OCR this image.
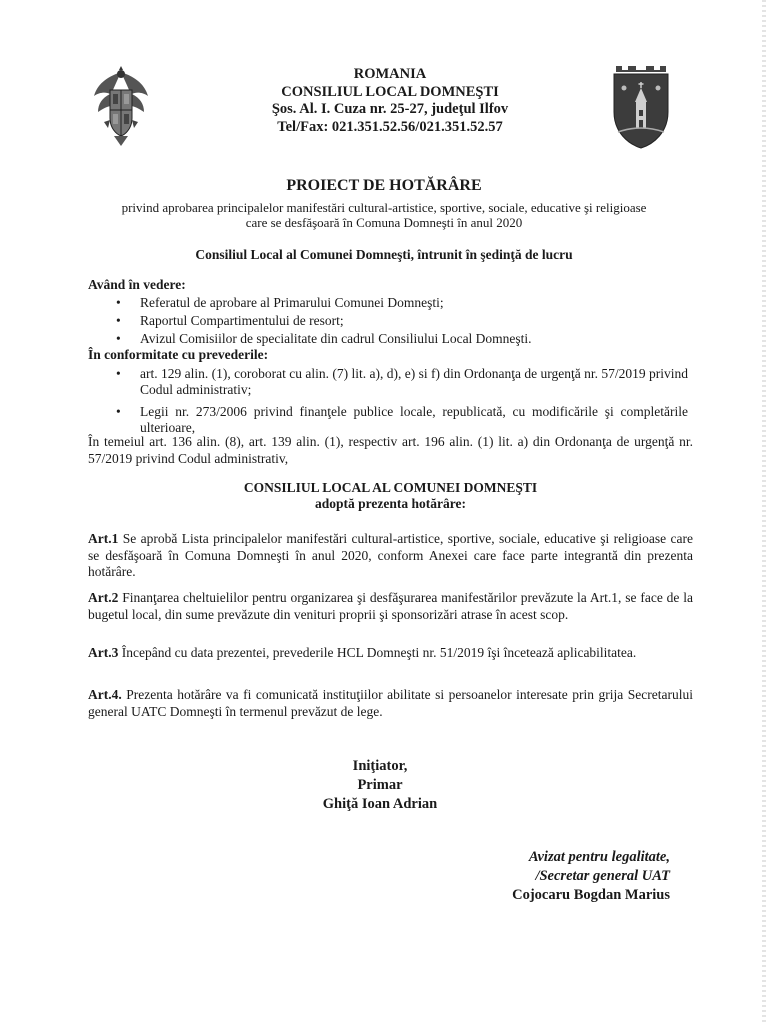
ROMANIA
CONSILIUL LOCAL DOMNEŞTI
Şos. Al. I. Cuza nr. 25-27, judeţul Ilfov
Tel/Fax: 021.351.52.56/021.351.52.57
PROIECT DE HOTĂRÂRE
privind aprobarea principalelor manifestări cultural-artistice, sportive, sociale, educative şi religioase
care se desfăşoară în Comuna Domneşti în anul 2020
Consiliul Local al Comunei Domneşti, întrunit în şedinţă de lucru
Având în vedere:
• Referatul de aprobare al Primarului Comunei Domneşti;
• Raportul Compartimentului de resort;
• Avizul Comisiilor de specialitate din cadrul Consiliului Local Domneşti.
În conformitate cu prevederile:
• art. 129 alin. (1), coroborat cu alin. (7) lit. a), d), e) si f) din Ordonanţa de urgenţă nr. 57/2019 privind Codul administrativ;
• Legii nr. 273/2006 privind finanţele publice locale, republicată, cu modificările şi completările ulterioare,

În temeiul art. 136 alin. (8), art. 139 alin. (1), respectiv art. 196 alin. (1) lit. a) din Ordonanţa de urgenţă nr. 57/2019 privind Codul administrativ,

CONSILIUL LOCAL AL COMUNEI DOMNEŞTI
adoptă prezenta hotărâre:

Art.1 Se aprobă Lista principalelor manifestări cultural-artistice, sportive, sociale, educative şi religioase care se desfăşoară în Comuna Domneşti în anul 2020, conform Anexei care face parte integrantă din prezenta hotărâre.

Art.2 Finanţarea cheltuielilor pentru organizarea şi desfăşurarea manifestărilor prevăzute la Art.1, se face de la bugetul local, din sume prevăzute din venituri proprii şi sponsorizări atrase în acest scop.

Art.3 Începând cu data prezentei, prevederile HCL Domneşti nr. 51/2019 îşi încetează aplicabilitatea.

Art.4. Prezenta hotărâre va fi comunicată instituţiilor abilitate si persoanelor interesate prin grija Secretarului general UATC Domneşti în termenul prevăzut de lege.

Iniţiator,
Primar
Ghiţă Ioan Adrian
Avizat pentru legalitate,
/Secretar general UAT
Cojocaru Bogdan Marius
